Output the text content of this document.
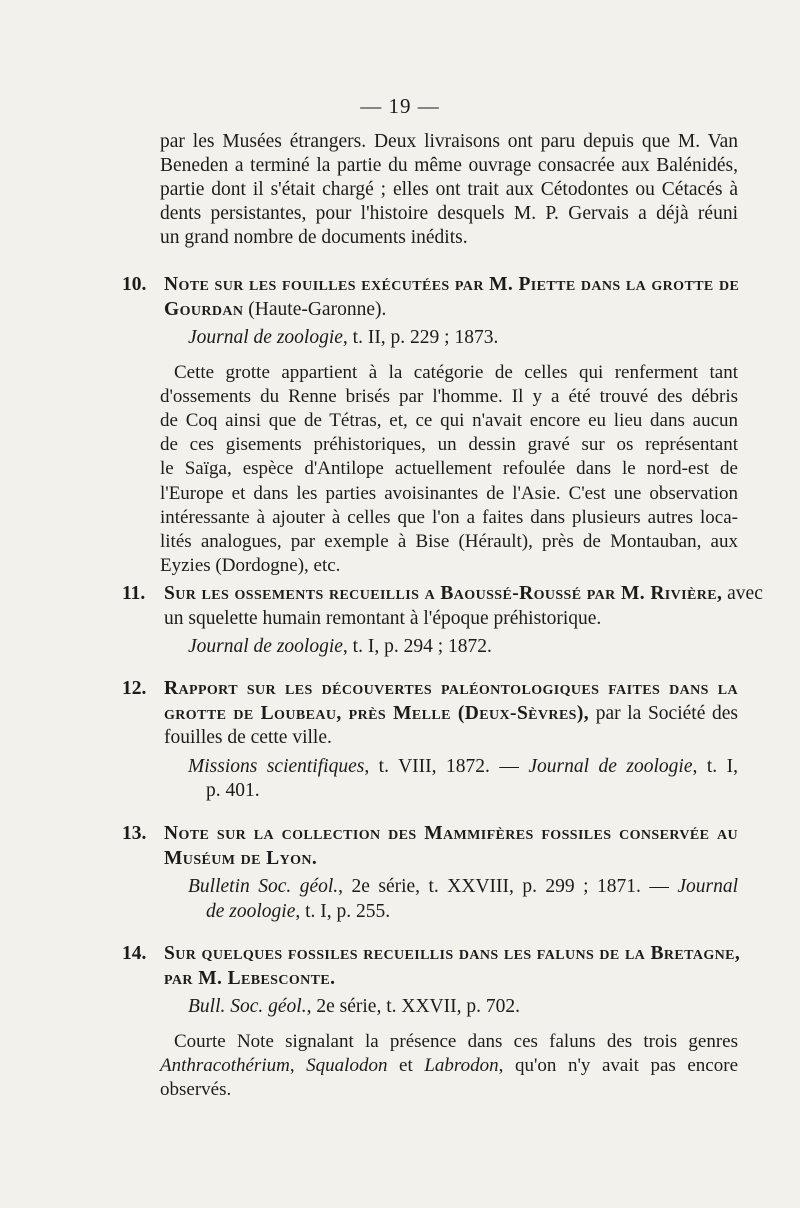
— 19 —
par les Musées étrangers. Deux livraisons ont paru depuis que M. Van
Beneden a terminé la partie du même ouvrage consacrée aux Balénidés,
partie dont il s'était chargé ; elles ont trait aux Cétodontes ou Cétacés à
dents persistantes, pour l'histoire desquels M. P. Gervais a déjà réuni
un grand nombre de documents inédits.
10. Note sur les fouilles exécutées par M. Piette dans la grotte de
Gourdan (Haute-Garonne).
Journal de zoologie, t. II, p. 229 ; 1873.
Cette grotte appartient à la catégorie de celles qui renferment tant
d'ossements du Renne brisés par l'homme. Il y a été trouvé des débris
de Coq ainsi que de Tétras, et, ce qui n'avait encore eu lieu dans aucun
de ces gisements préhistoriques, un dessin gravé sur os représentant
le Saïga, espèce d'Antilope actuellement refoulée dans le nord-est de
l'Europe et dans les parties avoisinantes de l'Asie. C'est une observation
intéressante à ajouter à celles que l'on a faites dans plusieurs autres loca-
lités analogues, par exemple à Bise (Hérault), près de Montauban, aux
Eyzies (Dordogne), etc.
11. Sur les ossements recueillis a Baoussé-Roussé par M. Rivière, avec
un squelette humain remontant à l'époque préhistorique.
Journal de zoologie, t. I, p. 294 ; 1872.
12. Rapport sur les découvertes paléontologiques faites dans la
grotte de Loubeau, près Melle (Deux-Sèvres), par la Société des
fouilles de cette ville.
Missions scientifiques, t. VIII, 1872. — Journal de zoologie, t. I,
p. 401.
13. Note sur la collection des Mammifères fossiles conservée au
Muséum de Lyon.
Bulletin Soc. géol., 2e série, t. XXVIII, p. 299 ; 1871. — Journal
de zoologie, t. I, p. 255.
14. Sur quelques fossiles recueillis dans les faluns de la Bretagne,
par M. Lebesconte.
Bull. Soc. géol., 2e série, t. XXVII, p. 702.
Courte Note signalant la présence dans ces faluns des trois genres
Anthracothérium, Squalodon et Labrodon, qu'on n'y avait pas encore
observés.
